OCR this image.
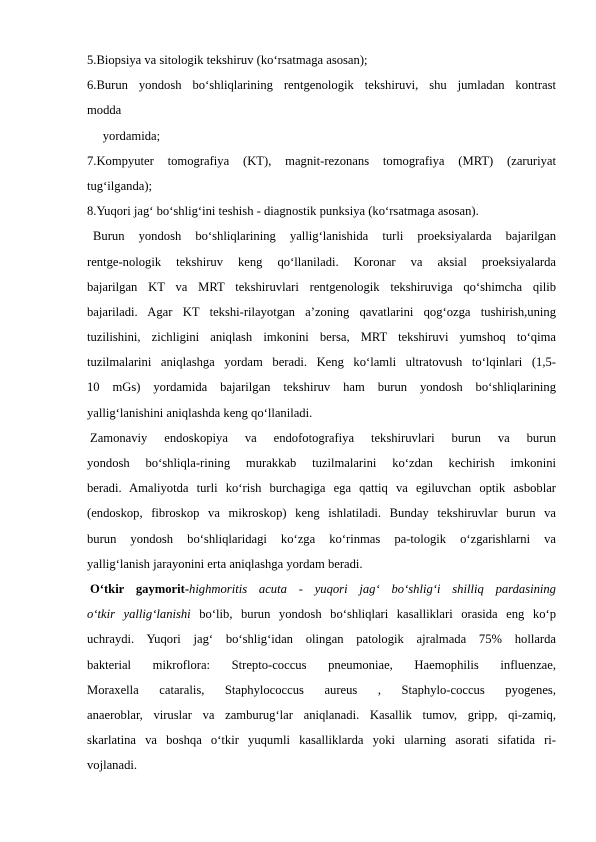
5.Biopsiya va sitologik tekshiruv (ko‘rsatmaga asosan);
6.Burun yondosh bo‘shliqlarining rentgenologik tekshiruvi, shu jumladan kontrast
modda
yordamida;
7.Kompyuter tomografiya (KT), magnit-rezonans tomografiya (MRT) (zaruriyat
tug‘ilganda);
8.Yuqori jag‘ bo‘shlig‘ini teshish - diagnostik punksiya (ko‘rsatmaga asosan).
Burun yondosh bo‘shliqlarining yallig‘lanishida turli proeksiyalarda bajarilgan
rentge-nologik tekshiruv keng qo‘llaniladi. Koronar va aksial proeksiyalarda
bajarilgan KT va MRT tekshiruvlari rentgenologik tekshiruviga qo‘shimcha qilib
bajariladi. Agar KT tekshi-rilayotgan a’zoning qavatlarini qog‘ozga tushirish,uning
tuzilishini, zichligini aniqlash imkonini bersa, MRT tekshiruvi yumshoq to‘qima
tuzilmalarini aniqlashga yordam beradi. Keng ko‘lamli ultratovush to‘lqinlari (1,5-
10 mGs) yordamida bajarilgan tekshiruv ham burun yondosh bo‘shliqlarining
yallig‘lanishini aniqlashda keng qo‘llaniladi.
Zamonaviy endoskopiya va endofotografiya tekshiruvlari burun va burun
yondosh bo‘shliqla-rining murakkab tuzilmalarini ko‘zdan kechirish imkonini
beradi. Amaliyotda turli ko‘rish burchagiga ega qattiq va egiluvchan optik asboblar
(endoskop, fibroskop va mikroskop) keng ishlatiladi. Bunday tekshiruvlar burun va
burun yondosh bo‘shliqlaridagi ko‘zga ko‘rinmas pa-tologik o‘zgarishlarni va
yallig‘lanish jarayonini erta aniqlashga yordam beradi.
O‘tkir gaymorit-highmoritis acuta - yuqori jag‘ bo‘shlig‘i shilliq pardasining
o‘tkir yallig‘lanishi bo‘lib, burun yondosh bo‘shliqlari kasalliklari orasida eng ko‘p
uchraydi. Yuqori jag‘ bo‘shlig‘idan olingan patologik ajralmada 75% hollarda
bakterial mikroflora: Strepto-coccus pneumoniae, Haemophilis influenzae,
Moraxella cataralis, Staphylococcus aureus , Staphylo-coccus pyogenes,
anaeroblar, viruslar va zamburug‘lar aniqlanadi. Kasallik tumov, gripp, qi-zamiq,
skarlatina va boshqa o‘tkir yuqumli kasalliklarda yoki ularning asorati sifatida ri-
vojlanadi.
